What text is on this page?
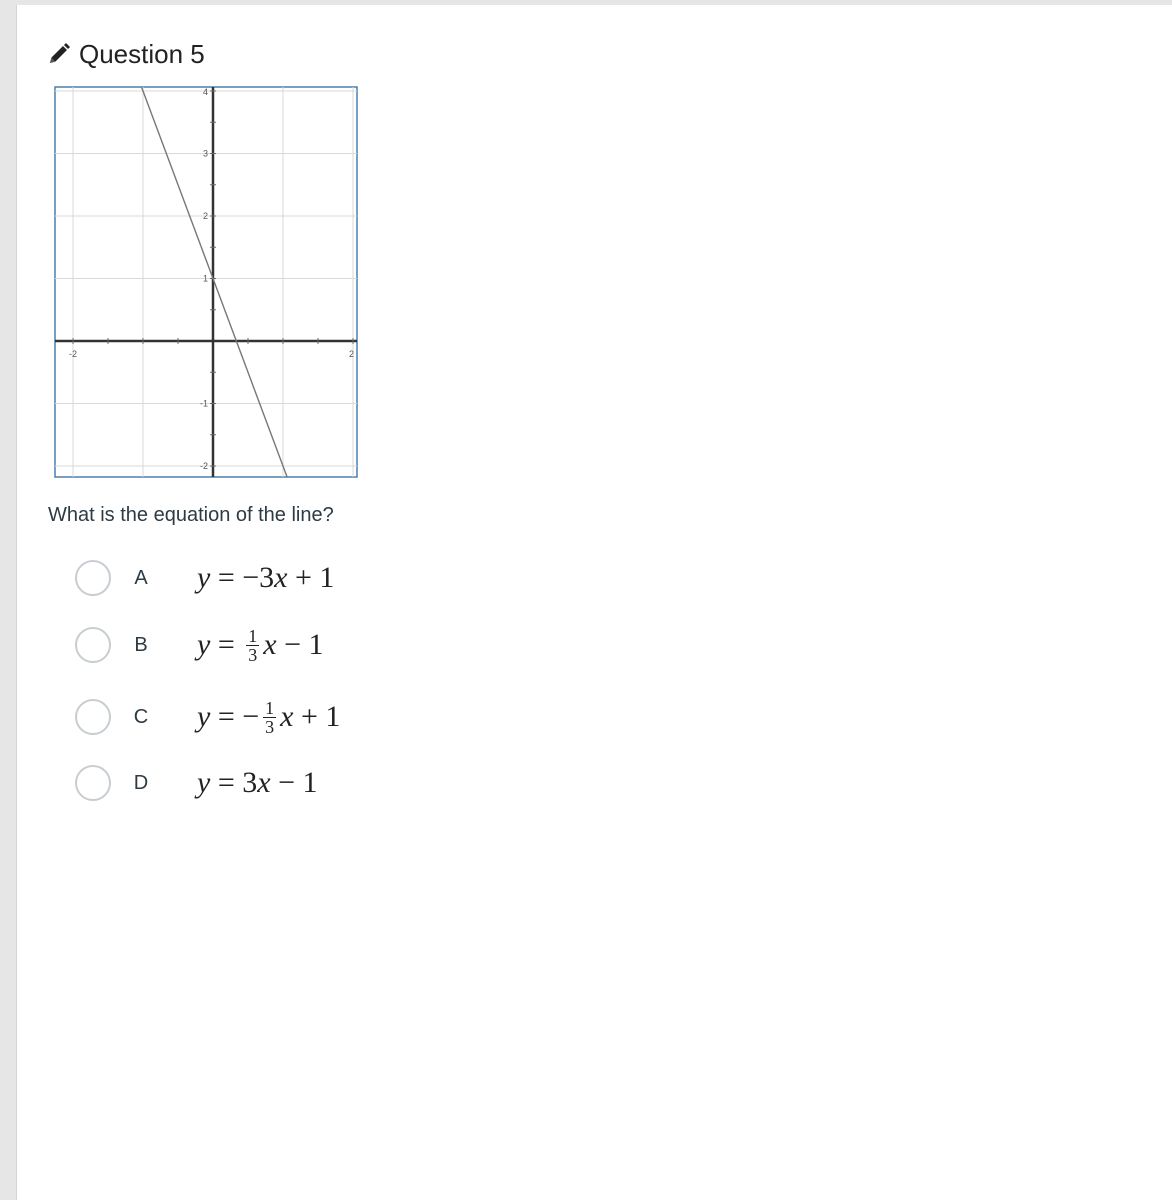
Question 5
-2	2
4
3
2
1
-1
-2
What is the equation of the line?
A y = −3 x + 1
B $y = \frac{1}{3}$ x − 1
C y = − $\frac{1}{3}$ x + 1
D y = 3 x − 1
